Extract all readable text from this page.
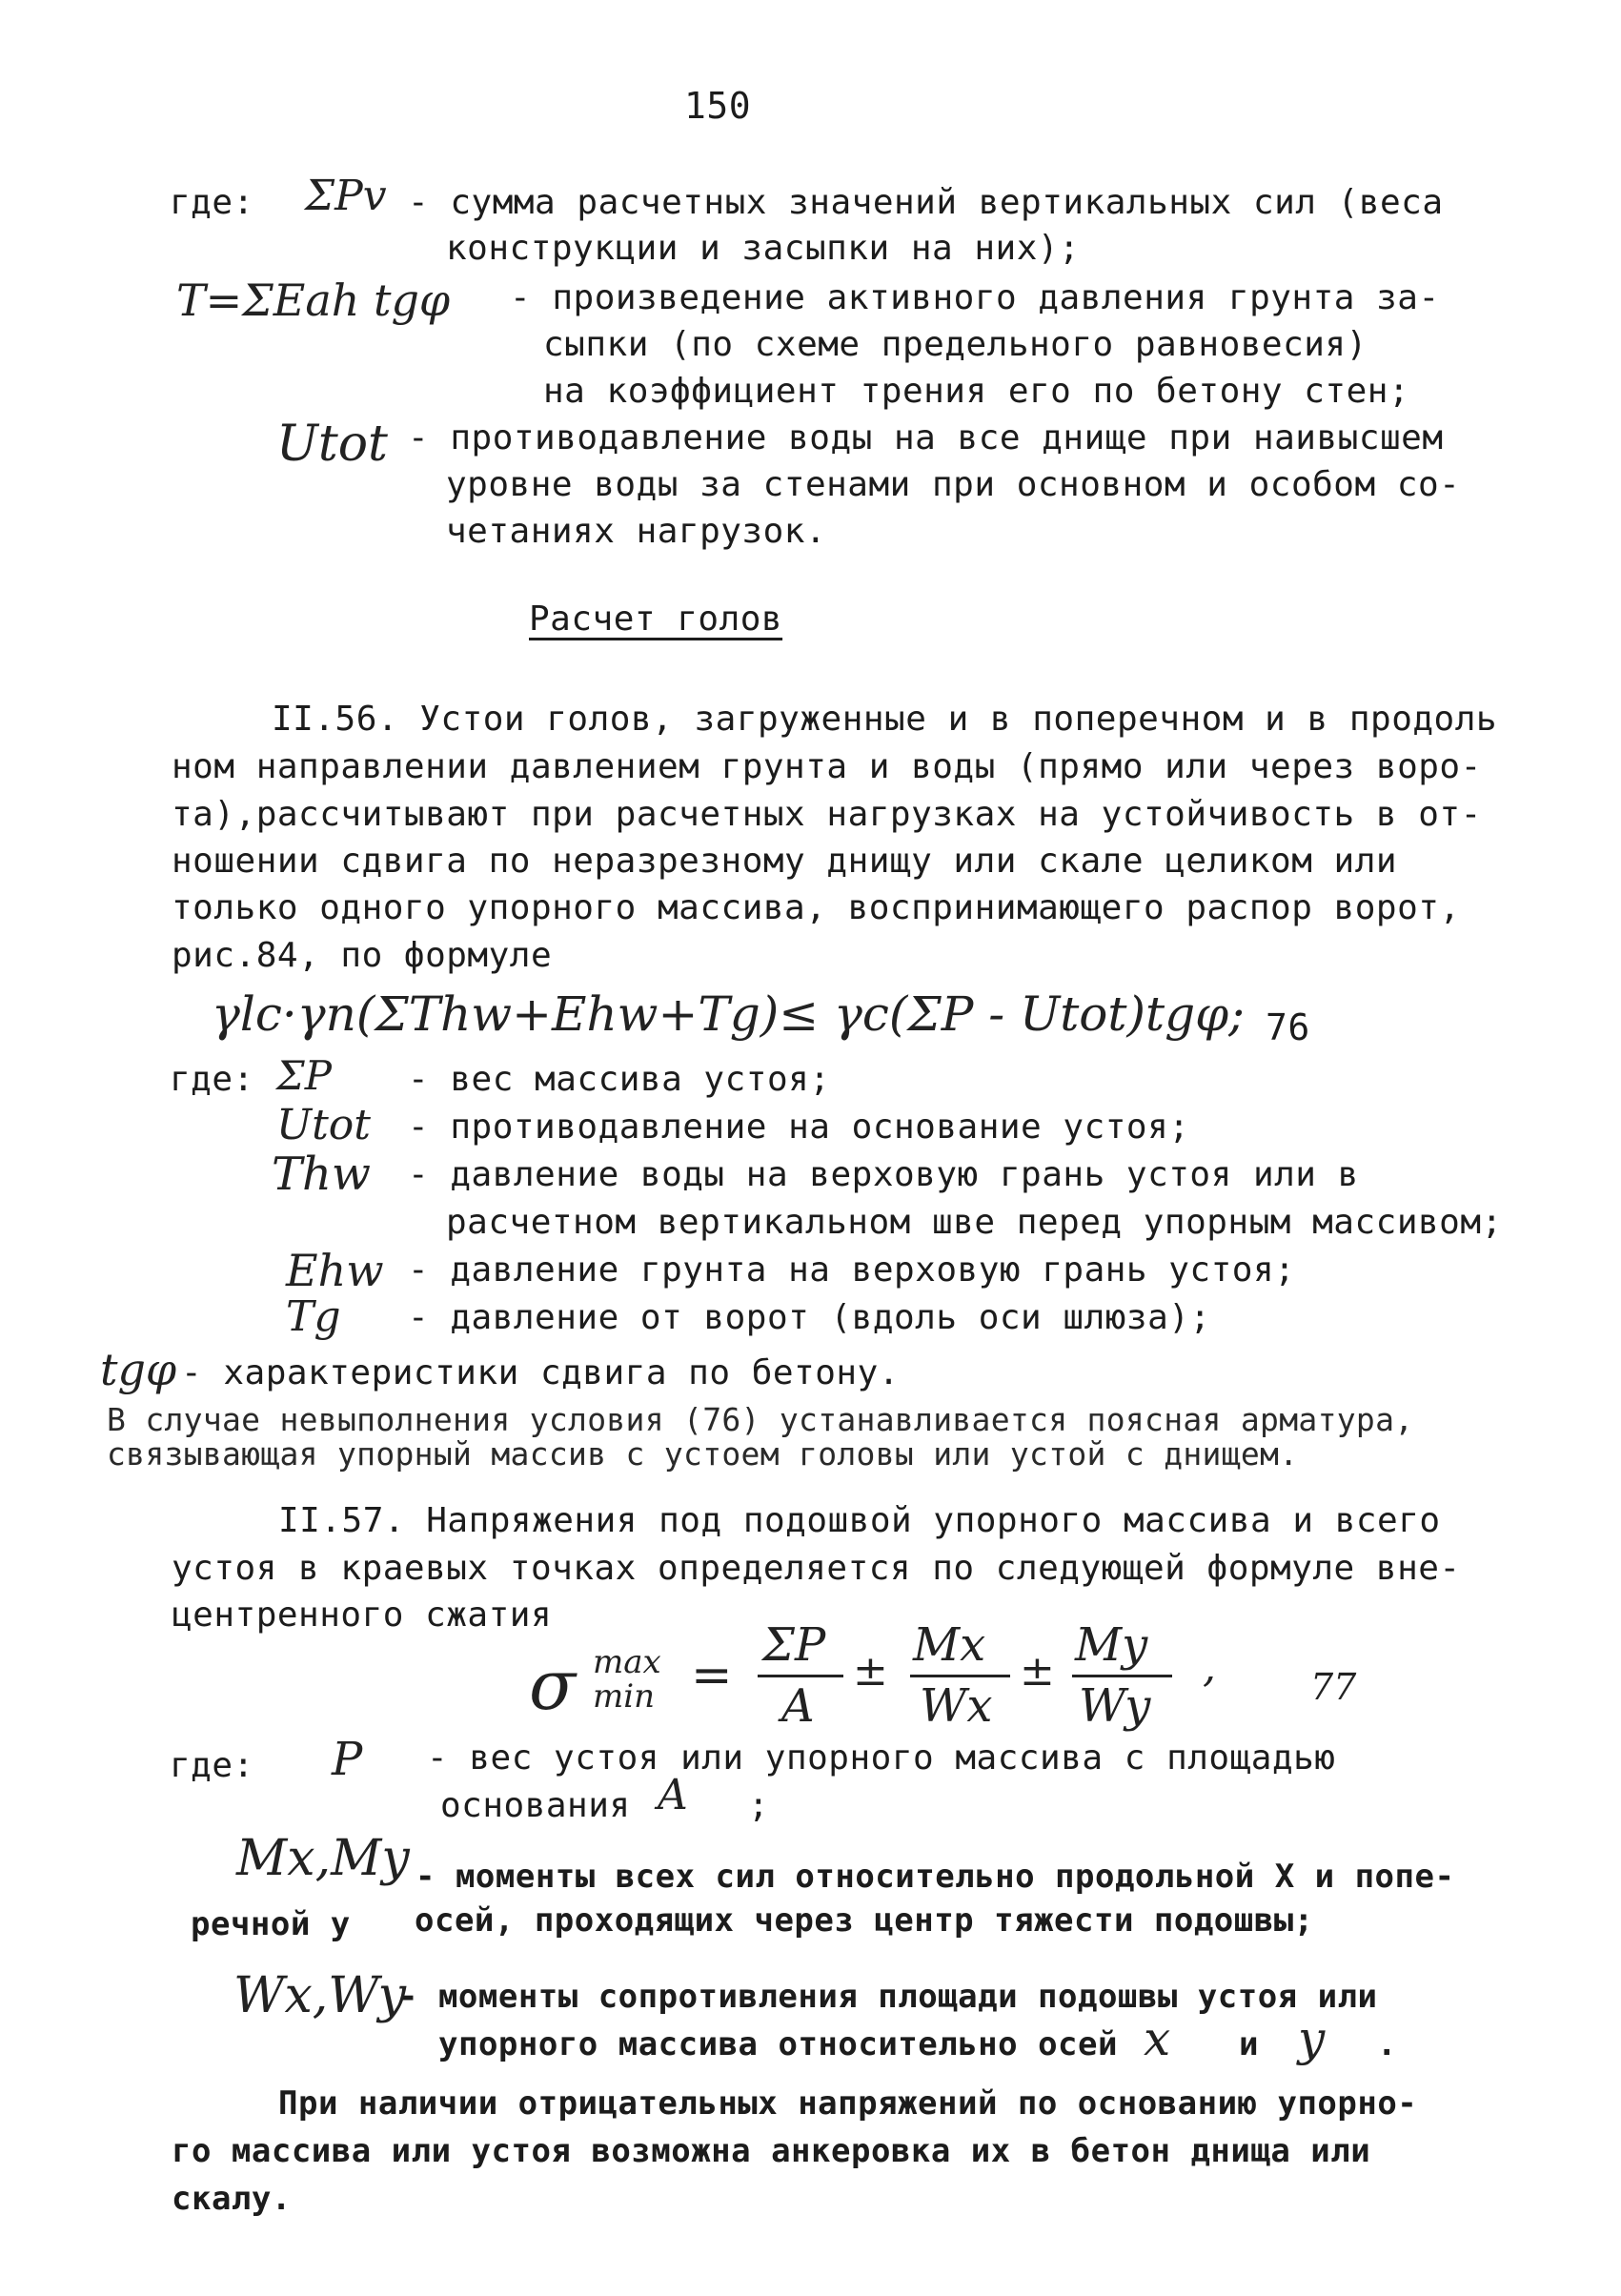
150
где: ΣPv - сумма расчетных значений вертикальных сил (веса
конструкции и засыпки на них);
T=ΣEah tgφ - произведение активного давления грунта за-
сыпки (по схеме предельного равновесия)
на коэффициент трения его по бетону стен;
Utot - противодавление воды на все днище при наивысшем
уровне воды за стенами при основном и особом со-
четаниях нагрузок.
Расчет голов
II.56. Устои голов, загруженные и в поперечном и в продоль
ном направлении давлением грунта и воды (прямо или через воро-
та),рассчитывают при расчетных нагрузках на устойчивость в от-
ношении сдвига по неразрезному днищу или скале целиком или
только одного упорного массива, воспринимающего распор ворот,
рис.84, по формуле
γlc·γn(ΣThw+Ehw+Tg)≤ γc(ΣP - Utot)tgφ; 76
где: ΣP - вес массива устоя;
Utot - противодавление на основание устоя;
Thw - давление воды на верховую грань устоя или в
расчетном вертикальном шве перед упорным массивом;
Ehw - давление грунта на верховую грань устоя;
Tg - давление от ворот (вдоль оси шлюза);
tgφ - характеристики сдвига по бетону.
В случае невыполнения условия (76) устанавливается поясная арматура,
связывающая упорный массив с устоем головы или устой с днищем.
II.57. Напряжения под подошвой упорного массива и всего
устоя в краевых точках определяется по следующей формуле вне-
центренного сжатия
σ max
min =
ΣP
A
± Mx
Wx
± My
Wy
,	77
где: P - вес устоя или упорного массива с площадью
основания A ;
Mx,My - моменты всех сил относительно продольной X и попе-
речной y осей, проходящих через центр тяжести подошвы;
Wx,Wy
- моменты сопротивления площади подошвы устоя или
упорного массива относительно осей x и y .
При наличии отрицательных напряжений по основанию упорно-
го массива или устоя возможна анкеровка их в бетон днища или
скалу.
